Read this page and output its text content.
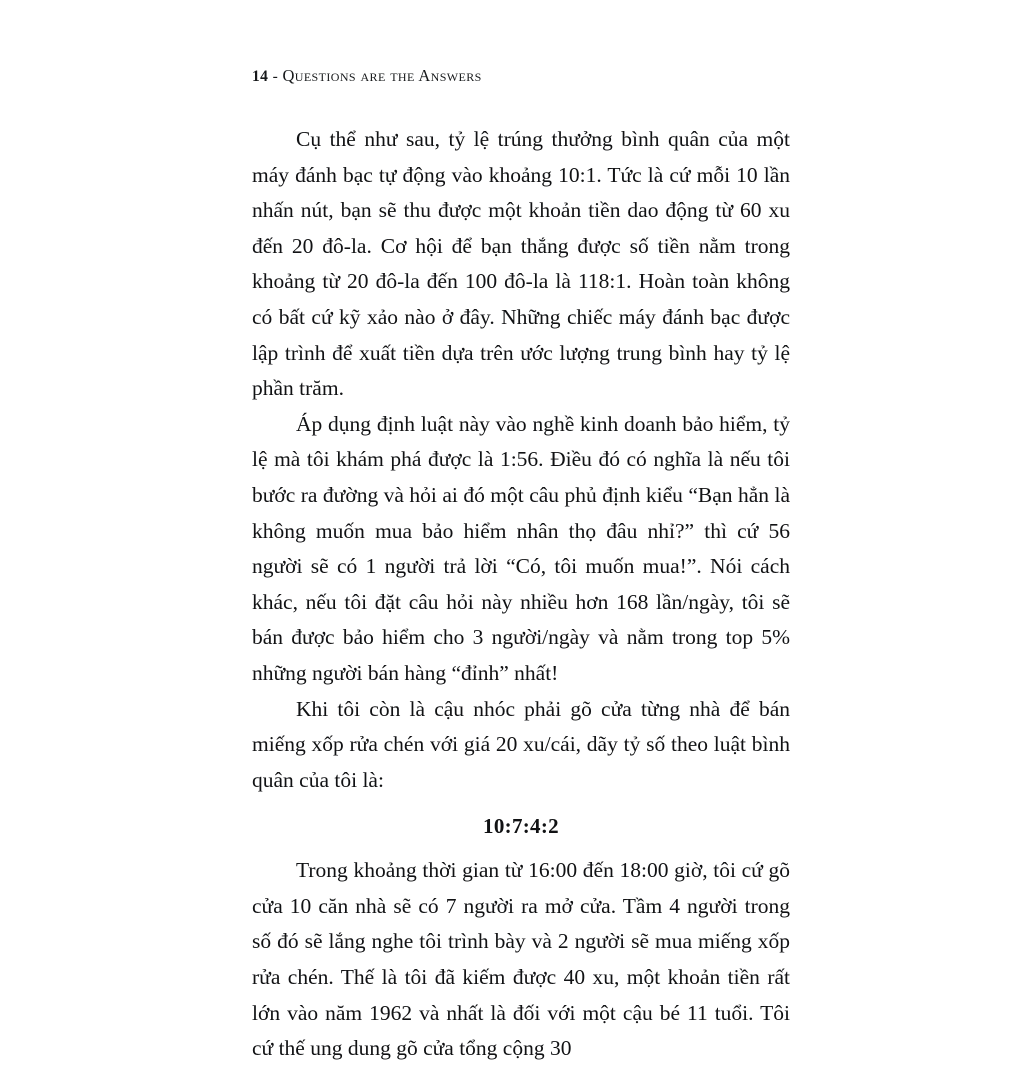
14 - Questions are the Answers

Cụ thể như sau, tỷ lệ trúng thưởng bình quân của một máy đánh bạc tự động vào khoảng 10:1. Tức là cứ mỗi 10 lần nhấn nút, bạn sẽ thu được một khoản tiền dao động từ 60 xu đến 20 đô-la. Cơ hội để bạn thắng được số tiền nằm trong khoảng từ 20 đô-la đến 100 đô-la là 118:1. Hoàn toàn không có bất cứ kỹ xảo nào ở đây. Những chiếc máy đánh bạc được lập trình để xuất tiền dựa trên ước lượng trung bình hay tỷ lệ phần trăm.

Áp dụng định luật này vào nghề kinh doanh bảo hiểm, tỷ lệ mà tôi khám phá được là 1:56. Điều đó có nghĩa là nếu tôi bước ra đường và hỏi ai đó một câu phủ định kiểu “Bạn hẳn là không muốn mua bảo hiểm nhân thọ đâu nhỉ?” thì cứ 56 người sẽ có 1 người trả lời “Có, tôi muốn mua!”. Nói cách khác, nếu tôi đặt câu hỏi này nhiều hơn 168 lần/ngày, tôi sẽ bán được bảo hiểm cho 3 người/ngày và nằm trong top 5% những người bán hàng “đỉnh” nhất!

Khi tôi còn là cậu nhóc phải gõ cửa từng nhà để bán miếng xốp rửa chén với giá 20 xu/cái, dãy tỷ số theo luật bình quân của tôi là:

10:7:4:2

Trong khoảng thời gian từ 16:00 đến 18:00 giờ, tôi cứ gõ cửa 10 căn nhà sẽ có 7 người ra mở cửa. Tầm 4 người trong số đó sẽ lắng nghe tôi trình bày và 2 người sẽ mua miếng xốp rửa chén. Thế là tôi đã kiếm được 40 xu, một khoản tiền rất lớn vào năm 1962 và nhất là đối với một cậu bé 11 tuổi. Tôi cứ thế ung dung gõ cửa tổng cộng 30
